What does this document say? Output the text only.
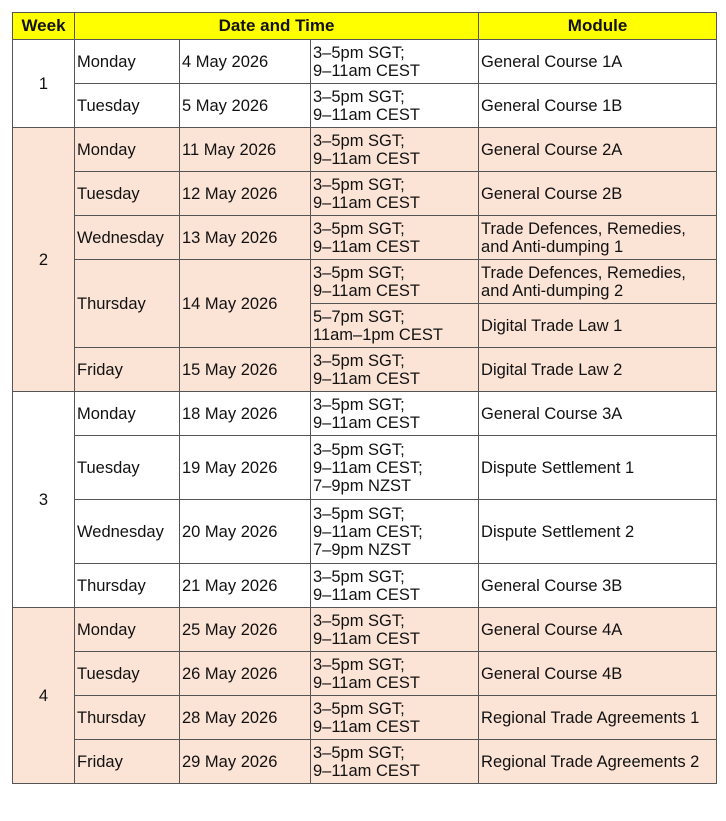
Week	Date and Time			Module
1	Monday	4 May 2026	3–5pm SGT;
9–11am CEST	General Course 1A
	Tuesday	5 May 2026	3–5pm SGT;
9–11am CEST	General Course 1B
2	Monday	11 May 2026	3–5pm SGT;
9–11am CEST	General Course 2A
	Tuesday	12 May 2026	3–5pm SGT;
9–11am CEST	General Course 2B
	Wednesday	13 May 2026	3–5pm SGT;
9–11am CEST	Trade Defences, Remedies, and Anti-dumping 1
	Thursday	14 May 2026	3–5pm SGT;
9–11am CEST	Trade Defences, Remedies, and Anti-dumping 2
			5–7pm SGT;
11am–1pm CEST	Digital Trade Law 1
	Friday	15 May 2026	3–5pm SGT;
9–11am CEST	Digital Trade Law 2
3	Monday	18 May 2026	3–5pm SGT;
9–11am CEST	General Course 3A
	Tuesday	19 May 2026	3–5pm SGT;
9–11am CEST;
7–9pm NZST	Dispute Settlement 1
	Wednesday	20 May 2026	3–5pm SGT;
9–11am CEST;
7–9pm NZST	Dispute Settlement 2
	Thursday	21 May 2026	3–5pm SGT;
9–11am CEST	General Course 3B
4	Monday	25 May 2026	3–5pm SGT;
9–11am CEST	General Course 4A
	Tuesday	26 May 2026	3–5pm SGT;
9–11am CEST	General Course 4B
	Thursday	28 May 2026	3–5pm SGT;
9–11am CEST	Regional Trade Agreements 1
	Friday	29 May 2026	3–5pm SGT;
9–11am CEST	Regional Trade Agreements 2
